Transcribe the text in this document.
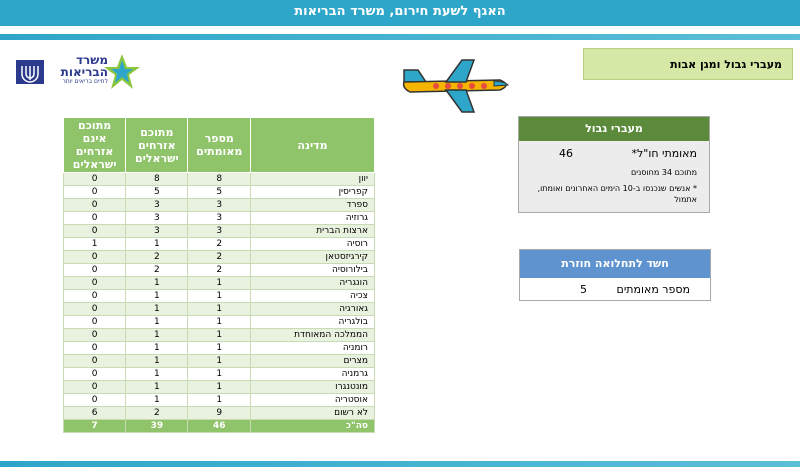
האגף לשעת חירום, משרד הבריאות
משרד
הבריאות
לחיים בריאים יותר
מעברי גבול ומגן אבות
מדינה	מספר מאומתים	מתוכם אזרחים ישראלים	מתוכם אינם אזרחים ישראלים
יוון	8	8	0
קפריסין	5	5	0
ספרד	3	3	0
גרוזיה	3	3	0
ארצות הברית	3	3	0
רוסיה	2	1	1
קירגיזסטאן	2	2	0
בילורוסיה	2	2	0
הונגריה	1	1	0
צכיה	1	1	0
גאורגיה	1	1	0
בולגריה	1	1	0
הממלכה המאוחדת	1	1	0
רומניה	1	1	0
מצרים	1	1	0
גרמניה	1	1	0
מונטנגרו	1	1	0
אוסטריה	1	1	0
לא רשום	9	2	6
סה"כ	46	39	7
מעברי גבול
מאומתי חו"ל*
46
מתוכם 34 מחוסנים
* אנשים שנכנסו ב-10 הימים האחרונים ואומתו, אתמול
חשד לתחלואה חוזרת
מספר מאומתים
5
